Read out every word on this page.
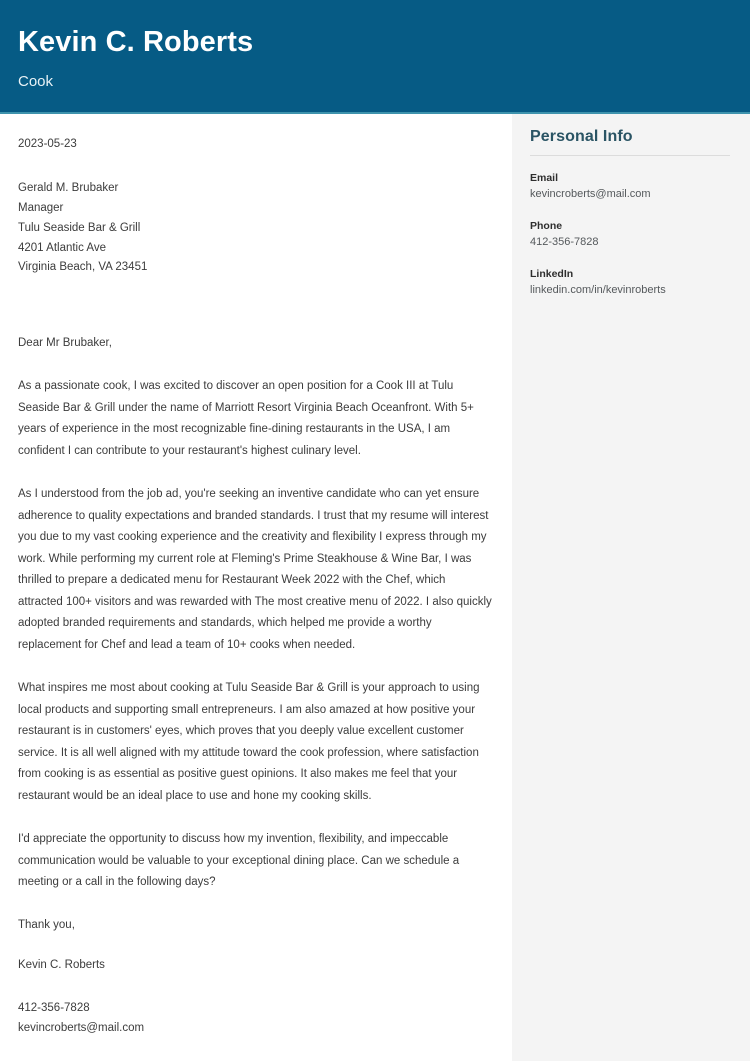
Kevin C. Roberts
Cook
2023-05-23
Gerald M. Brubaker
Manager
Tulu Seaside Bar & Grill
4201 Atlantic Ave
Virginia Beach, VA 23451
Dear Mr Brubaker,

As a passionate cook, I was excited to discover an open position for a Cook III at Tulu Seaside Bar & Grill under the name of Marriott Resort Virginia Beach Oceanfront. With 5+ years of experience in the most recognizable fine-dining restaurants in the USA, I am confident I can contribute to your restaurant's highest culinary level.

As I understood from the job ad, you're seeking an inventive candidate who can yet ensure adherence to quality expectations and branded standards. I trust that my resume will interest you due to my vast cooking experience and the creativity and flexibility I express through my work. While performing my current role at Fleming's Prime Steakhouse & Wine Bar, I was thrilled to prepare a dedicated menu for Restaurant Week 2022 with the Chef, which attracted 100+ visitors and was rewarded with The most creative menu of 2022. I also quickly adopted branded requirements and standards, which helped me provide a worthy replacement for Chef and lead a team of 10+ cooks when needed.

What inspires me most about cooking at Tulu Seaside Bar & Grill is your approach to using local products and supporting small entrepreneurs. I am also amazed at how positive your restaurant is in customers' eyes, which proves that you deeply value excellent customer service. It is all well aligned with my attitude toward the cook profession, where satisfaction from cooking is as essential as positive guest opinions. It also makes me feel that your restaurant would be an ideal place to use and hone my cooking skills.

I'd appreciate the opportunity to discuss how my invention, flexibility, and impeccable communication would be valuable to your exceptional dining place. Can we schedule a meeting or a call in the following days?

Thank you,
Kevin C. Roberts
412-356-7828
kevincroberts@mail.com
Personal Info
Email
kevincroberts@mail.com
Phone
412-356-7828
LinkedIn
linkedin.com/in/kevinroberts
